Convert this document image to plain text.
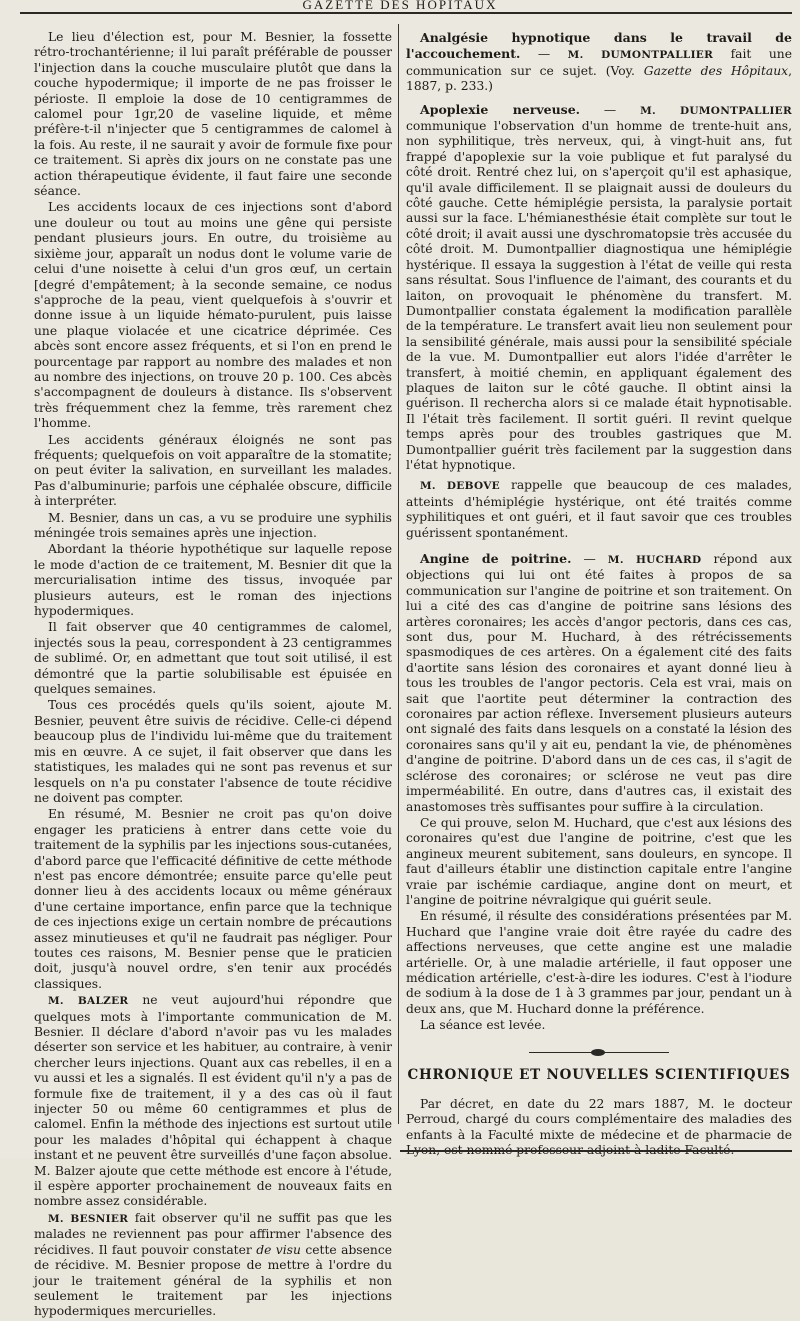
GAZETTE DES HOPITAUX

Le lieu d'élection est, pour M. Besnier, la fossette rétro-trochantérienne; il lui paraît préférable de pousser l'injection dans la couche musculaire plutôt que dans la couche hypodermique; il importe de ne pas froisser le périoste. Il emploie la dose de 10 centigrammes de calomel pour 1gr,20 de vaseline liquide, et même préfère-t-il n'injecter que 5 centigrammes de calomel à la fois. Au reste, il ne saurait y avoir de formule fixe pour ce traitement. Si après dix jours on ne constate pas une action thérapeutique évidente, il faut faire une seconde séance.

Les accidents locaux de ces injections sont d'abord une douleur ou tout au moins une gêne qui persiste pendant plusieurs jours. En outre, du troisième au sixième jour, apparaît un nodus dont le volume varie de celui d'une noisette à celui d'un gros œuf, un certain [degré d'empâtement; à la seconde semaine, ce nodus s'approche de la peau, vient quelquefois à s'ouvrir et donne issue à un liquide hémato-purulent, puis laisse une plaque violacée et une cicatrice déprimée. Ces abcès sont encore assez fréquents, et si l'on en prend le pourcentage par rapport au nombre des malades et non au nombre des injections, on trouve 20 p. 100. Ces abcès s'accompagnent de douleurs à distance. Ils s'observent très fréquemment chez la femme, très rarement chez l'homme.

Les accidents généraux éloignés ne sont pas fréquents; quelquefois on voit apparaître de la stomatite; on peut éviter la salivation, en surveillant les malades. Pas d'albuminurie; parfois une céphalée obscure, difficile à interpréter.

M. Besnier, dans un cas, a vu se produire une syphilis méningée trois semaines après une injection.

Abordant la théorie hypothétique sur laquelle repose le mode d'action de ce traitement, M. Besnier dit que la mercurialisation intime des tissus, invoquée par plusieurs auteurs, est le roman des injections hypodermiques.

Il fait observer que 40 centigrammes de calomel, injectés sous la peau, correspondent à 23 centigrammes de sublimé. Or, en admettant que tout soit utilisé, il est démontré que la partie solubilisable est épuisée en quelques semaines.

Tous ces procédés quels qu'ils soient, ajoute M. Besnier, peuvent être suivis de récidive. Celle-ci dépend beaucoup plus de l'individu lui-même que du traitement mis en œuvre. A ce sujet, il fait observer que dans les statistiques, les malades qui ne sont pas revenus et sur lesquels on n'a pu constater l'absence de toute récidive ne doivent pas compter.

En résumé, M. Besnier ne croit pas qu'on doive engager les praticiens à entrer dans cette voie du traitement de la syphilis par les injections sous-cutanées, d'abord parce que l'efficacité définitive de cette méthode n'est pas encore démontrée; ensuite parce qu'elle peut donner lieu à des accidents locaux ou même généraux d'une certaine importance, enfin parce que la technique de ces injections exige un certain nombre de précautions assez minutieuses et qu'il ne faudrait pas négliger. Pour toutes ces raisons, M. Besnier pense que le praticien doit, jusqu'à nouvel ordre, s'en tenir aux procédés classiques.

M. BALZER ne veut aujourd'hui répondre que quelques mots à l'importante communication de M. Besnier. Il déclare d'abord n'avoir pas vu les malades déserter son service et les habituer, au contraire, à venir chercher leurs injections. Quant aux cas rebelles, il en a vu aussi et les a signalés. Il est évident qu'il n'y a pas de formule fixe de traitement, il y a des cas où il faut injecter 50 ou même 60 centigrammes et plus de calomel. Enfin la méthode des injections est surtout utile pour les malades d'hôpital qui échappent à chaque instant et ne peuvent être surveillés d'une façon absolue. M. Balzer ajoute que cette méthode est encore à l'étude, il espère apporter prochainement de nouveaux faits en nombre assez considérable.

M. BESNIER fait observer qu'il ne suffit pas que les malades ne reviennent pas pour affirmer l'absence des récidives. Il faut pouvoir constater de visu cette absence de récidive. M. Besnier propose de mettre à l'ordre du jour le traitement général de la syphilis et non seulement le traitement par les injections hypodermiques mercurielles.

Analgésie hypnotique dans le travail de l'accouchement. — M. DUMONTPALLIER fait une communication sur ce sujet. (Voy. Gazette des Hôpitaux, 1887, p. 233.)

Apoplexie nerveuse. — M. DUMONTPALLIER communique l'observation d'un homme de trente-huit ans, non syphilitique, très nerveux, qui, à vingt-huit ans, fut frappé d'apoplexie sur la voie publique et fut paralysé du côté droit. Rentré chez lui, on s'aperçoit qu'il est aphasique, qu'il avale difficilement. Il se plaignait aussi de douleurs du côté gauche. Cette hémiplégie persista, la paralysie portait aussi sur la face. L'hémianesthésie était complète sur tout le côté droit; il avait aussi une dyschromatopsie très accusée du côté droit. M. Dumontpallier diagnostiqua une hémiplégie hystérique. Il essaya la suggestion à l'état de veille qui resta sans résultat. Sous l'influence de l'aimant, des courants et du laiton, on provoquait le phénomène du transfert. M. Dumontpallier constata également la modification parallèle de la température. Le transfert avait lieu non seulement pour la sensibilité générale, mais aussi pour la sensibilité spéciale de la vue. M. Dumontpallier eut alors l'idée d'arrêter le transfert, à moitié chemin, en appliquant également des plaques de laiton sur le côté gauche. Il obtint ainsi la guérison. Il rechercha alors si ce malade était hypnotisable. Il l'était très facilement. Il sortit guéri. Il revint quelque temps après pour des troubles gastriques que M. Dumontpallier guérit très facilement par la suggestion dans l'état hypnotique.

M. DEBOVE rappelle que beaucoup de ces malades, atteints d'hémiplégie hystérique, ont été traités comme syphilitiques et ont guéri, et il faut savoir que ces troubles guérissent spontanément.

Angine de poitrine. — M. HUCHARD répond aux objections qui lui ont été faites à propos de sa communication sur l'angine de poitrine et son traitement. On lui a cité des cas d'angine de poitrine sans lésions des artères coronaires; les accès d'angor pectoris, dans ces cas, sont dus, pour M. Huchard, à des rétrécissements spasmodiques de ces artères. On a également cité des faits d'aortite sans lésion des coronaires et ayant donné lieu à tous les troubles de l'angor pectoris. Cela est vrai, mais on sait que l'aortite peut déterminer la contraction des coronaires par action réflexe. Inversement plusieurs auteurs ont signalé des faits dans lesquels on a constaté la lésion des coronaires sans qu'il y ait eu, pendant la vie, de phénomènes d'angine de poitrine. D'abord dans un de ces cas, il s'agit de sclérose des coronaires; or sclérose ne veut pas dire imperméabilité. En outre, dans d'autres cas, il existait des anastomoses très suffisantes pour suffire à la circulation.

Ce qui prouve, selon M. Huchard, que c'est aux lésions des coronaires qu'est due l'angine de poitrine, c'est que les angineux meurent subitement, sans douleurs, en syncope. Il faut d'ailleurs établir une distinction capitale entre l'angine vraie par ischémie cardiaque, angine dont on meurt, et l'angine de poitrine névralgique qui guérit seule.

En résumé, il résulte des considérations présentées par M. Huchard que l'angine vraie doit être rayée du cadre des affections nerveuses, que cette angine est une maladie artérielle. Or, à une maladie artérielle, il faut opposer une médication artérielle, c'est-à-dire les iodures. C'est à l'iodure de sodium à la dose de 1 à 3 grammes par jour, pendant un à deux ans, que M. Huchard donne la préférence.

La séance est levée.

CHRONIQUE ET NOUVELLES SCIENTIFIQUES

Par décret, en date du 22 mars 1887, M. le docteur Perroud, chargé du cours complémentaire des maladies des enfants à la Faculté mixte de médecine et de pharmacie de
